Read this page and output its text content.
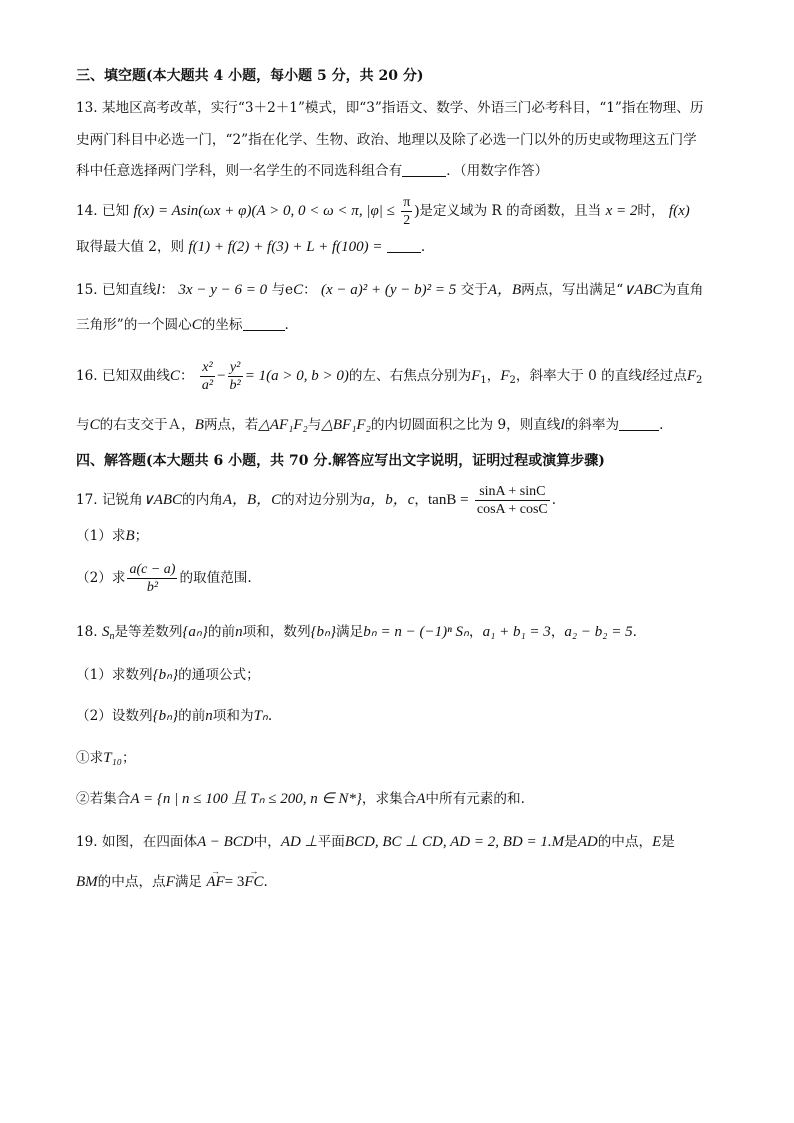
三、填空题(本大题共 4 小题，每小题 5 分，共 20 分)
13. 某地区高考改革，实行“3＋2＋1”模式，即“3”指语文、数学、外语三门必考科目，“1”指在物理、历
史两门科目中必选一门，“2”指在化学、生物、政治、地理以及除了必选一门以外的历史或物理这五门学
科中任意选择两门学科，则一名学生的不同选科组合有	．（用数字作答）
14. 已知 f(x) = Asin(ωx + φ)(A > 0, 0 < ω < π, $|\varphi| \le \frac{\pi}{2}$ )是定义域为 R 的奇函数，且当 x = 2时， f(x)
取得最大值 2，则 f(1) + f(2) + f(3) + L + f(100) =	.
15. 已知直线l： 3x − y − 6 = 0 与eC： (x − a)² + (y − b)² = 5 交于A，B两点，写出满足“∨ABC为直角
三角形”的一个圆心C的坐标	.
16. 已知双曲线C： $\frac{\text{x²}}{\text{a²}} - \frac{\text{y²}}{\text{b²}} = 1(a > 0$, b > 0)的左、右焦点分别为$F_1$，$F_2$，斜率大于 0 的直线l经过点$F_2$
与C的右支交于Ａ，B两点，若△AF₁F₂与△BF₁F₂的内切圆面积之比为 9，则直线l的斜率为	.
四、解答题(本大题共 6 小题，共 70 分.解答应写出文字说明，证明过程或演算步骤)
17. 记锐角∨ABC的内角A，B，C的对边分别为a，b，c，$\tan B = \frac{\sin A + \sin C}{\cos A + \cos C}$ .
（1）求B；
（2）求 $\frac{a(c - a)}{\text{b²}}$ 的取值范围.
18. $S_n$是等差数列{aₙ}的前n项和，数列{bₙ}满足bₙ = n − (−1)ⁿ Sₙ，a₁ + b₁ = 3，a₂ − b₂ = 5.
（1）求数列{bₙ}的通项公式；
（2）设数列{bₙ}的前n项和为Tₙ.
①求T₁₀；
②若集合A = {n | n ≤ 100 且 Tₙ ≤ 200, n ∈ N*}，求集合A中所有元素的和.
19. 如图，在四面体A − BCD中，AD ⊥平面BCD, BC ⊥ CD, AD = 2, BD = 1.M是AD的中点，E是
BM的中点，点F满足 → AF= 3→ FC.
